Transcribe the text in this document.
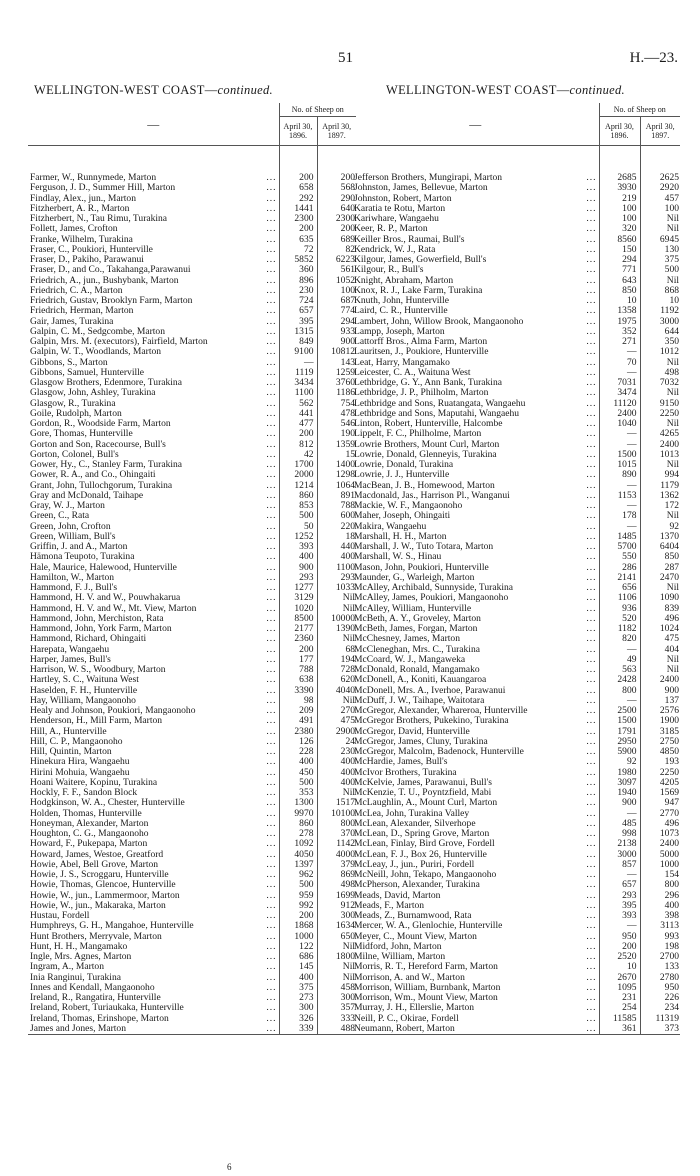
51	H.—23.
WELLINGTON-WEST COAST—continued.	WELLINGTON-WEST COAST—continued.
—	No. of Sheep on	
	April 30, 1896.	April 30, 1897.

Farmer, W., Runnymede, Marton ...	200	200
Ferguson, J. D., Summer Hill, Marton ...	658	568
Findlay, Alex., jun., Marton ...	292	290
Fitzherbert, A. R., Marton ...	1441	640
Fitzherbert, N., Tau Rimu, Turakina ...	2300	2300
Follett, James, Crofton ...	200	200
Franke, Wilhelm, Turakina ...	635	689
Fraser, C., Poukiori, Hunterville ...	72	82
Fraser, D., Pakiho, Parawanui ...	5852	6223
Fraser, D., and Co., Takahanga,Parawanui ...	360	561
Friedrich, A., jun., Bushybank, Marton ...	896	1052
Friedrich, C. A., Marton ...	230	100
Friedrich, Gustav, Brooklyn Farm, Marton ...	724	687
Friedrich, Herman, Marton ...	657	774
Gair, James, Turakina ...	395	294
Galpin, C. M., Sedgcombe, Marton ...	1315	933
Galpin, Mrs. M. (executors), Fairfield, Marton ...	849	900
Galpin, W. T., Woodlands, Marton ...	9100	10812
Gibbons, S., Marton ...	—	143
Gibbons, Samuel, Hunterville ...	1119	1259
Glasgow Brothers, Edenmore, Turakina ...	3434	3760
Glasgow, John, Ashley, Turakina ...	1100	1186
Glasgow, R., Turakina ...	562	754
Goile, Rudolph, Marton ...	441	478
Gordon, R., Woodside Farm, Marton ...	477	546
Gore, Thomas, Hunterville ...	200	190
Gorton and Son, Racecourse, Bull's ...	812	1359
Gorton, Colonel, Bull's ...	42	15
Gower, Hy., C., Stanley Farm, Turakina ...	1700	1400
Gower, R. A., and Co., Ohingaiti ...	2000	1298
Grant, John, Tullochgorum, Turakina ...	1214	1064
Gray and McDonald, Taihape ...	860	891
Gray, W. J., Marton ...	853	788
Green, C., Rata ...	500	600
Green, John, Crofton ...	50	220
Green, William, Bull's ...	1252	18
Griffin, J. and A., Marton ...	393	440
Hämona Teupoto, Turakina ...	400	400
Hale, Maurice, Halewood, Hunterville ...	900	1100
Hamilton, W., Marton ...	293	293
Hammond, F. J., Bull's ...	1277	1033
Hammond, H. V. and W., Pouwhakarua ...	3129	Nil
Hammond, H. V. and W., Mt. View, Marton ...	1020	Nil
Hammond, John, Merchiston, Rata ...	8500	10000
Hammond, John, York Farm, Marton ...	2177	1390
Hammond, Richard, Ohingaiti ...	2360	Nil
Harepata, Wangaehu ...	200	68
Harper, James, Bull's ...	177	194
Harrison, W. S., Woodbury, Marton ...	788	728
Hartley, S. C., Waituna West ...	638	620
Haselden, F. H., Hunterville ...	3390	4040
Hay, William, Mangaonoho ...	98	Nil
Healy and Johnson, Poukiori, Mangaonoho ...	209	270
Henderson, H., Mill Farm, Marton ...	491	475
Hill, A., Hunterville ...	2380	2900
Hill, C. P., Mangaonoho ...	126	24
Hill, Quintin, Marton ...	228	230
Hinekura Hira, Wangaehu ...	400	400
Hirini Mohuia, Wangaehu ...	450	400
Hoani Waitere, Kopinu, Turakina ...	500	400
Hockly, F. F., Sandon Block ...	353	Nil
Hodgkinson, W. A., Chester, Hunterville ...	1300	1517
Holden, Thomas, Hunterville ...	9970	10100
Honeyman, Alexander, Marton ...	860	800
Houghton, C. G., Mangaonoho ...	278	370
Howard, F., Pukepapa, Marton ...	1092	1142
Howard, James, Westoe, Greatford ...	4050	4000
Howie, Abel, Bell Grove, Marton ...	1397	379
Howie, J. S., Scroggaru, Hunterville ...	962	869
Howie, Thomas, Glencoe, Hunterville ...	500	498
Howie, W., jun., Lammermoor, Marton ...	959	1699
Howie, W., jun., Makaraka, Marton ...	992	912
Hustau, Fordell ...	200	300
Humphreys, G. H., Mangahoe, Hunterville ...	1868	1634
Hunt Brothers, Merryvale, Marton ...	1000	650
Hunt, H. H., Mangamako ...	122	Nil
Ingle, Mrs. Agnes, Marton ...	686	1800
Ingram, A., Marton ...	145	Nil
Inia Ranginui, Turakina ...	400	Nil
Innes and Kendall, Mangaonoho ...	375	458
Ireland, R., Rangatira, Hunterville ...	273	300
Ireland, Robert, Turiaukaka, Hunterville ...	300	357
Ireland, Thomas, Erinshope, Marton ...	326	333
James and Jones, Marton ...	339	488
—	No. of Sheep on	
	April 30, 1896.	April 30, 1897.

Jefferson Brothers, Mungirapi, Marton ...	2685	2625
Johnston, James, Bellevue, Marton ...	3930	2920
Johnston, Robert, Marton ...	219	457
Karatia te Rotu, Marton ...	100	100
Kariwhare, Wangaehu ...	100	Nil
Keer, R. P., Marton ...	320	Nil
Keiller Bros., Raumai, Bull's ...	8560	6945
Kendrick, W. J., Rata ...	150	130
Kilgour, James, Gowerfield, Bull's ...	294	375
Kilgour, R., Bull's ...	771	500
Knight, Abraham, Marton ...	643	Nil
Knox, R. J., Lake Farm, Turakina ...	850	868
Knuth, John, Hunterville ...	10	10
Laird, C. R., Hunterville ...	1358	1192
Lambert, John, Willow Brook, Mangaonoho ...	1975	3000
Lampp, Joseph, Marton ...	352	644
Lattorff Bros., Alma Farm, Marton ...	271	350
Lauritsen, J., Poukiore, Hunterville ...	—	1012
Leat, Harry, Mangamako ...	70	Nil
Leicester, C. A., Waituna West ...	—	498
Lethbridge, G. Y., Ann Bank, Turakina ...	7031	7032
Lethbridge, J. P., Philholm, Marton ...	3474	Nil
Lethbridge and Sons, Ruatangata, Wangaehu ...	11120	9150
Lethbridge and Sons, Maputahi, Wangaehu ...	2400	2250
Linton, Robert, Hunterville, Halcombe ...	1040	Nil
Lippelt, F. C., Philholme, Marton ...	—	4265
Lowrie Brothers, Mount Curl, Marton ...	—	2400
Lowrie, Donald, Glenneyis, Turakina ...	1500	1013
Lowrie, Donald, Turakina ...	1015	Nil
Lowrie, J. J., Hunterville ...	890	994
MacBean, J. B., Homewood, Marton ...	—	1179
Macdonald, Jas., Harrison Pl., Wanganui ...	1153	1362
Mackie, W. F., Mangaonoho ...	—	172
Maher, Joseph, Ohingaiti ...	178	Nil
Makira, Wangaehu ...	—	92
Marshall, H. H., Marton ...	1485	1370
Marshall, J. W., Tuto Totara, Marton ...	5700	6404
Marshall, W. S., Hinau ...	550	850
Mason, John, Poukiori, Hunterville ...	286	287
Maunder, G., Warleigh, Marton ...	2141	2470
McAlley, Archibald, Sunnyside, Turakina ...	656	Nil
McAlley, James, Poukiori, Mangaonoho ...	1106	1090
McAlley, William, Hunterville ...	936	839
McBeth, A. Y., Groveley, Marton ...	520	496
McBeth, James, Forgan, Marton ...	1182	1024
McChesney, James, Marton ...	820	475
McCleneghan, Mrs. C., Turakina ...	—	404
McCoard, W. J., Mangaweka ...	49	Nil
McDonald, Ronald, Mangamako ...	563	Nil
McDonell, A., Koniti, Kauangaroa ...	2428	2400
McDonell, Mrs. A., Iverhoe, Parawanui ...	800	900
McDuff, J. W., Taihape, Waitotara ...	—	137
McGregor, Alexander, Whareroa, Hunterville ...	2500	2576
McGregor Brothers, Pukekino, Turakina ...	1500	1900
McGregor, David, Hunterville ...	1791	3185
McGregor, James, Cluny, Turakina ...	2950	2750
McGregor, Malcolm, Badenock, Hunterville ...	5900	4850
McHardie, James, Bull's ...	92	193
McIvor Brothers, Turakina ...	1980	2250
McKelvie, James, Parawanui, Bull's ...	3097	4205
McKenzie, T. U., Poyntzfield, Mabi ...	1940	1569
McLaughlin, A., Mount Curl, Marton ...	900	947
McLea, John, Turakina Valley ...	—	2770
McLean, Alexander, Silverhope ...	485	496
McLean, D., Spring Grove, Marton ...	998	1073
McLean, Finlay, Bird Grove, Fordell ...	2138	2400
McLean, F. J., Box 26, Hunterville ...	3000	5000
McLeay, J., jun., Puriri, Fordell ...	857	1000
McNeill, John, Tekapo, Mangaonoho ...	—	154
McPherson, Alexander, Turakina ...	657	800
Meads, David, Marton ...	293	296
Meads, F., Marton ...	395	400
Meads, Z., Burnamwood, Rata ...	393	398
Mercer, W. A., Glenlochie, Hunterville ...	—	3113
Meyer, C., Mount View, Marton ...	950	993
Midford, John, Marton ...	200	198
Milne, William, Marton ...	2520	2700
Morris, R. T., Hereford Farm, Marton ...	10	133
Morrison, A. and W., Marton ...	2670	2780
Morrison, William, Burnbank, Marton ...	1095	950
Morrison, Wm., Mount View, Marton ...	231	226
Murray, J. H., Ellerslie, Marton ...	254	234
Neill, P. C., Okirae, Fordell ...	11585	11319
Neumann, Robert, Marton ...	361	373
6
